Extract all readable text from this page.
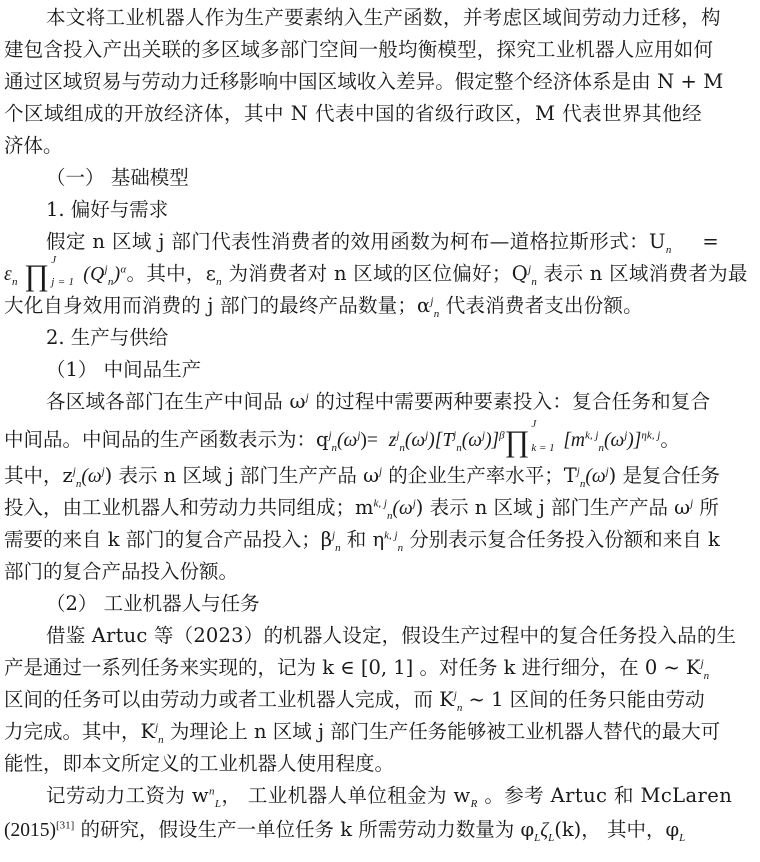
本文将工业机器人作为生产要素纳入生产函数，并考虑区域间劳动力迁移，构
建包含投入产出关联的多区域多部门空间一般均衡模型，探究工业机器人应用如何
通过区域贸易与劳动力迁移影响中国区域收入差异。假定整个经济体系是由 N + M
个区域组成的开放经济体，其中 N 代表中国的省级行政区，M 代表世界其他经
济体。
（一） 基础模型
1. 偏好与需求
假定 n 区域 j 部门代表性消费者的效用函数为柯布—道格拉斯形式：$U_n$ =
$\varepsilon_n$ ∏ J
j = 1 $(Q^j_n)^\alpha$。其中，$\varepsilon_n$ 为消费者对 n 区域的区位偏好；$Q^j_n$ 表示 n 区域消费者为最
大化自身效用而消费的 j 部门的最终产品数量；$\alpha^j_n$ 代表消费者支出份额。
2. 生产与供给
（1） 中间品生产
各区域各部门在生产中间品 $\omega^j$ 的过程中需要两种要素投入：复合任务和复合
中间品。中间品的生产函数表示为：$q^j_n(\omega^j)=$ $z^j_n(\omega^j)[T^j_n(\omega^j)]^\beta\prod$
J
k = 1 $[m^{k, j}_n(\omega^j)]^{\eta k, j}$。
其中，$z^j_n(\omega^j)$ 表示 n 区域 j 部门生产产品 $\omega^j$ 的企业生产率水平；$T^j_n(\omega^j)$ 是复合任务
投入，由工业机器人和劳动力共同组成；$m^{k, j}_n(\omega^j)$ 表示 n 区域 j 部门生产产品 $\omega^j$ 所
需要的来自 k 部门的复合产品投入；$\beta^j_n$ 和 $\eta^{k, j}_n$ 分别表示复合任务投入份额和来自 k
部门的复合产品投入份额。
（2） 工业机器人与任务
借鉴 Artuc 等（2023）的机器人设定，假设生产过程中的复合任务投入品的生
产是通过一系列任务来实现的，记为 k ∈ [0, 1] 。对任务 k 进行细分，在 0 ~ $K^j_n$
区间的任务可以由劳动力或者工业机器人完成，而 $K^j_n$ ~ 1 区间的任务只能由劳动
力完成。其中，$K^j_n$ 为理论上 n 区域 j 部门生产任务能够被工业机器人替代的最大可
能性，即本文所定义的工业机器人使用程度。
记劳动力工资为 $w^n_L$， 工业机器人单位租金为 $w_R$ 。参考 Artuc 和 McLaren
(2015)[31] 的研究，假设生产一单位任务 k 所需劳动力数量为 $\varphi_L\zeta_L(k)$， 其中，$\varphi_L$
